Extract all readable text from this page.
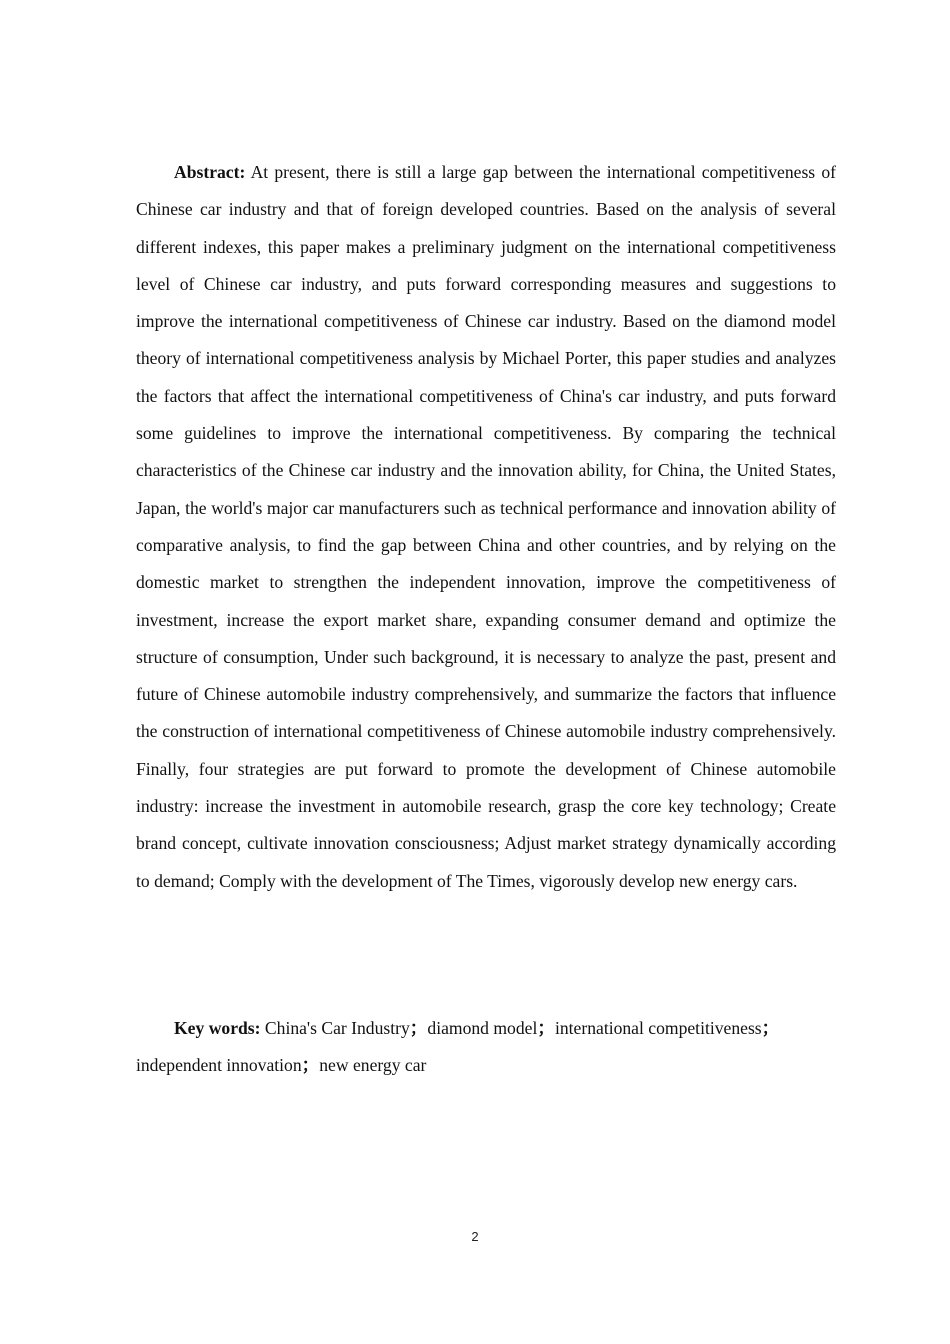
Abstract: At present, there is still a large gap between the international competitiveness of Chinese car industry and that of foreign developed countries. Based on the analysis of several different indexes, this paper makes a preliminary judgment on the international competitiveness level of Chinese car industry, and puts forward corresponding measures and suggestions to improve the international competitiveness of Chinese car industry. Based on the diamond model theory of international competitiveness analysis by Michael Porter, this paper studies and analyzes the factors that affect the international competitiveness of China's car industry, and puts forward some guidelines to improve the international competitiveness. By comparing the technical characteristics of the Chinese car industry and the innovation ability, for China, the United States, Japan, the world's major car manufacturers such as technical performance and innovation ability of comparative analysis, to find the gap between China and other countries, and by relying on the domestic market to strengthen the independent innovation, improve the competitiveness of investment, increase the export market share, expanding consumer demand and optimize the structure of consumption, Under such background, it is necessary to analyze the past, present and future of Chinese automobile industry comprehensively, and summarize the factors that influence the construction of international competitiveness of Chinese automobile industry comprehensively. Finally, four strategies are put forward to promote the development of Chinese automobile industry: increase the investment in automobile research, grasp the core key technology; Create brand concept, cultivate innovation consciousness; Adjust market strategy dynamically according to demand; Comply with the development of The Times, vigorously develop new energy cars.

Key words: China's Car Industry；diamond model；international competitiveness；independent innovation；new energy car

2
